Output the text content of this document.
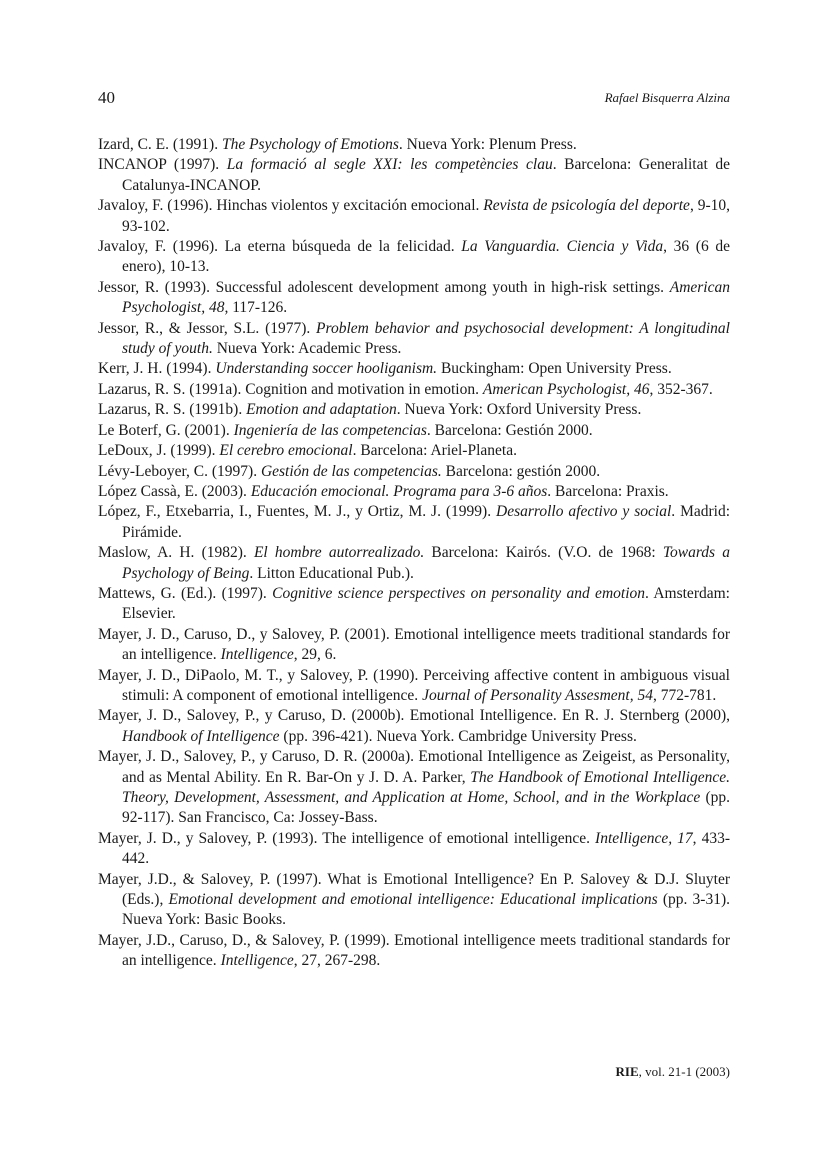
40	Rafael Bisquerra Alzina
Izard, C. E. (1991). The Psychology of Emotions. Nueva York: Plenum Press.
INCANOP (1997). La formació al segle XXI: les competències clau. Barcelona: Generalitat de Catalunya-INCANOP.
Javaloy, F. (1996). Hinchas violentos y excitación emocional. Revista de psicología del deporte, 9-10, 93-102.
Javaloy, F. (1996). La eterna búsqueda de la felicidad. La Vanguardia. Ciencia y Vida, 36 (6 de enero), 10-13.
Jessor, R. (1993). Successful adolescent development among youth in high-risk settings. American Psychologist, 48, 117-126.
Jessor, R., & Jessor, S.L. (1977). Problem behavior and psychosocial development: A longitudinal study of youth. Nueva York: Academic Press.
Kerr, J. H. (1994). Understanding soccer hooliganism. Buckingham: Open University Press.
Lazarus, R. S. (1991a). Cognition and motivation in emotion. American Psychologist, 46, 352-367.
Lazarus, R. S. (1991b). Emotion and adaptation. Nueva York: Oxford University Press.
Le Boterf, G. (2001). Ingeniería de las competencias. Barcelona: Gestión 2000.
LeDoux, J. (1999). El cerebro emocional. Barcelona: Ariel-Planeta.
Lévy-Leboyer, C. (1997). Gestión de las competencias. Barcelona: gestión 2000.
López Cassà, E. (2003). Educación emocional. Programa para 3-6 años. Barcelona: Praxis.
López, F., Etxebarria, I., Fuentes, M. J., y Ortiz, M. J. (1999). Desarrollo afectivo y social. Madrid: Pirámide.
Maslow, A. H. (1982). El hombre autorrealizado. Barcelona: Kairós. (V.O. de 1968: Towards a Psychology of Being. Litton Educational Pub.).
Mattews, G. (Ed.). (1997). Cognitive science perspectives on personality and emotion. Amsterdam: Elsevier.
Mayer, J. D., Caruso, D., y Salovey, P. (2001). Emotional intelligence meets traditional standards for an intelligence. Intelligence, 29, 6.
Mayer, J. D., DiPaolo, M. T., y Salovey, P. (1990). Perceiving affective content in ambiguous visual stimuli: A component of emotional intelligence. Journal of Personality Assesment, 54, 772-781.
Mayer, J. D., Salovey, P., y Caruso, D. (2000b). Emotional Intelligence. En R. J. Sternberg (2000), Handbook of Intelligence (pp. 396-421). Nueva York. Cambridge University Press.
Mayer, J. D., Salovey, P., y Caruso, D. R. (2000a). Emotional Intelligence as Zeigeist, as Personality, and as Mental Ability. En R. Bar-On y J. D. A. Parker, The Handbook of Emotional Intelligence. Theory, Development, Assessment, and Application at Home, School, and in the Workplace (pp. 92-117). San Francisco, Ca: Jossey-Bass.
Mayer, J. D., y Salovey, P. (1993). The intelligence of emotional intelligence. Intelligence, 17, 433-442.
Mayer, J.D., & Salovey, P. (1997). What is Emotional Intelligence? En P. Salovey & D.J. Sluyter (Eds.), Emotional development and emotional intelligence: Educational implications (pp. 3-31). Nueva York: Basic Books.
Mayer, J.D., Caruso, D., & Salovey, P. (1999). Emotional intelligence meets traditional standards for an intelligence. Intelligence, 27, 267-298.
RIE, vol. 21-1 (2003)
